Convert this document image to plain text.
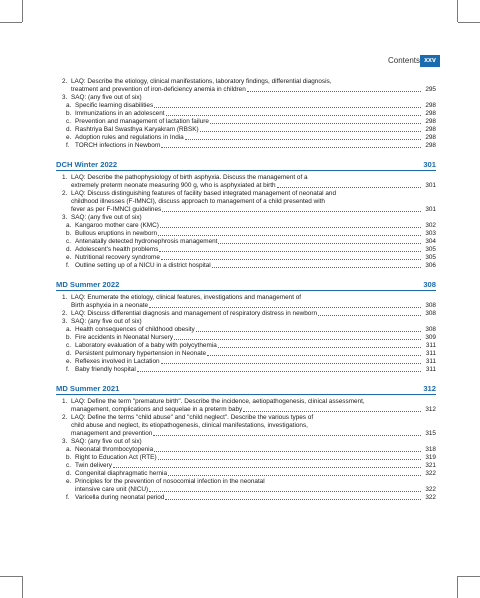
Contents xxv
2. LAQ: Describe the etiology, clinical manifestations, laboratory findings, differential diagnosis,
treatment and prevention of iron-deficiency anemia in children	295
3. SAQ: (any five out of six)
a. Specific learning disabilities	298
b. Immunizations in an adolescent	298
c. Prevention and management of lactation failure	298
d. Rashtriya Bal Swasthya Karyakram (RBSK)	298
e. Adoption rules and regulations in India	298
f. TORCH infections in Newborn	298
DCH Winter 2022	301
1. LAQ: Describe the pathophysiology of birth asphyxia. Discuss the management of a
extremely preterm neonate measuring 900 g, who is asphyxiated at birth	301
2. LAQ: Discuss distinguishing features of facility based integrated management of neonatal and
childhood illnesses (F-IMNCI), discuss approach to management of a child presented with
fever as per F-IMNCI guidelines	301
3. SAQ: (any five out of six)
a. Kangaroo mother care (KMC)	302
b. Bullous eruptions in newborn	303
c. Antenatally detected hydronephrosis management	304
d. Adolescent's health problems	305
e. Nutritional recovery syndrome	305
f. Outline setting up of a NICU in a district hospital	306
MD Summer 2022	308
1. LAQ: Enumerate the etiology, clinical features, investigations and management of
Birth asphyxia in a neonate	308
2. LAQ: Discuss differential diagnosis and management of respiratory distress in newborn	308
3. SAQ: (any five out of six)
a. Health consequences of childhood obesity	308
b. Fire accidents in Neonatal Nursery	309
c. Laboratory evaluation of a baby with polycythemia	311
d. Persistent pulmonary hypertension in Neonate	311
e. Reflexes involved in Lactation	311
f. Baby friendly hospital	311
MD Summer 2021	312
1. LAQ: Define the term "premature birth". Describe the incidence, aetiopathogenesis, clinical assessment,
management, complications and sequelae in a preterm baby	312
2. LAQ: Define the terms "child abuse" and "child neglect". Describe the various types of
child abuse and neglect, its etiopathogenesis, clinical manifestations, investigations,
management and prevention	315
3. SAQ: (any five out of six)
a. Neonatal thrombocytopenia	318
b. Right to Education Act (RTE)	319
c. Twin delivery	321
d. Congenital diaphragmatic hernia	322
e. Principles for the prevention of nosocomial infection in the neonatal
intensive care unit (NICU)	322
f. Varicella during neonatal period	322
